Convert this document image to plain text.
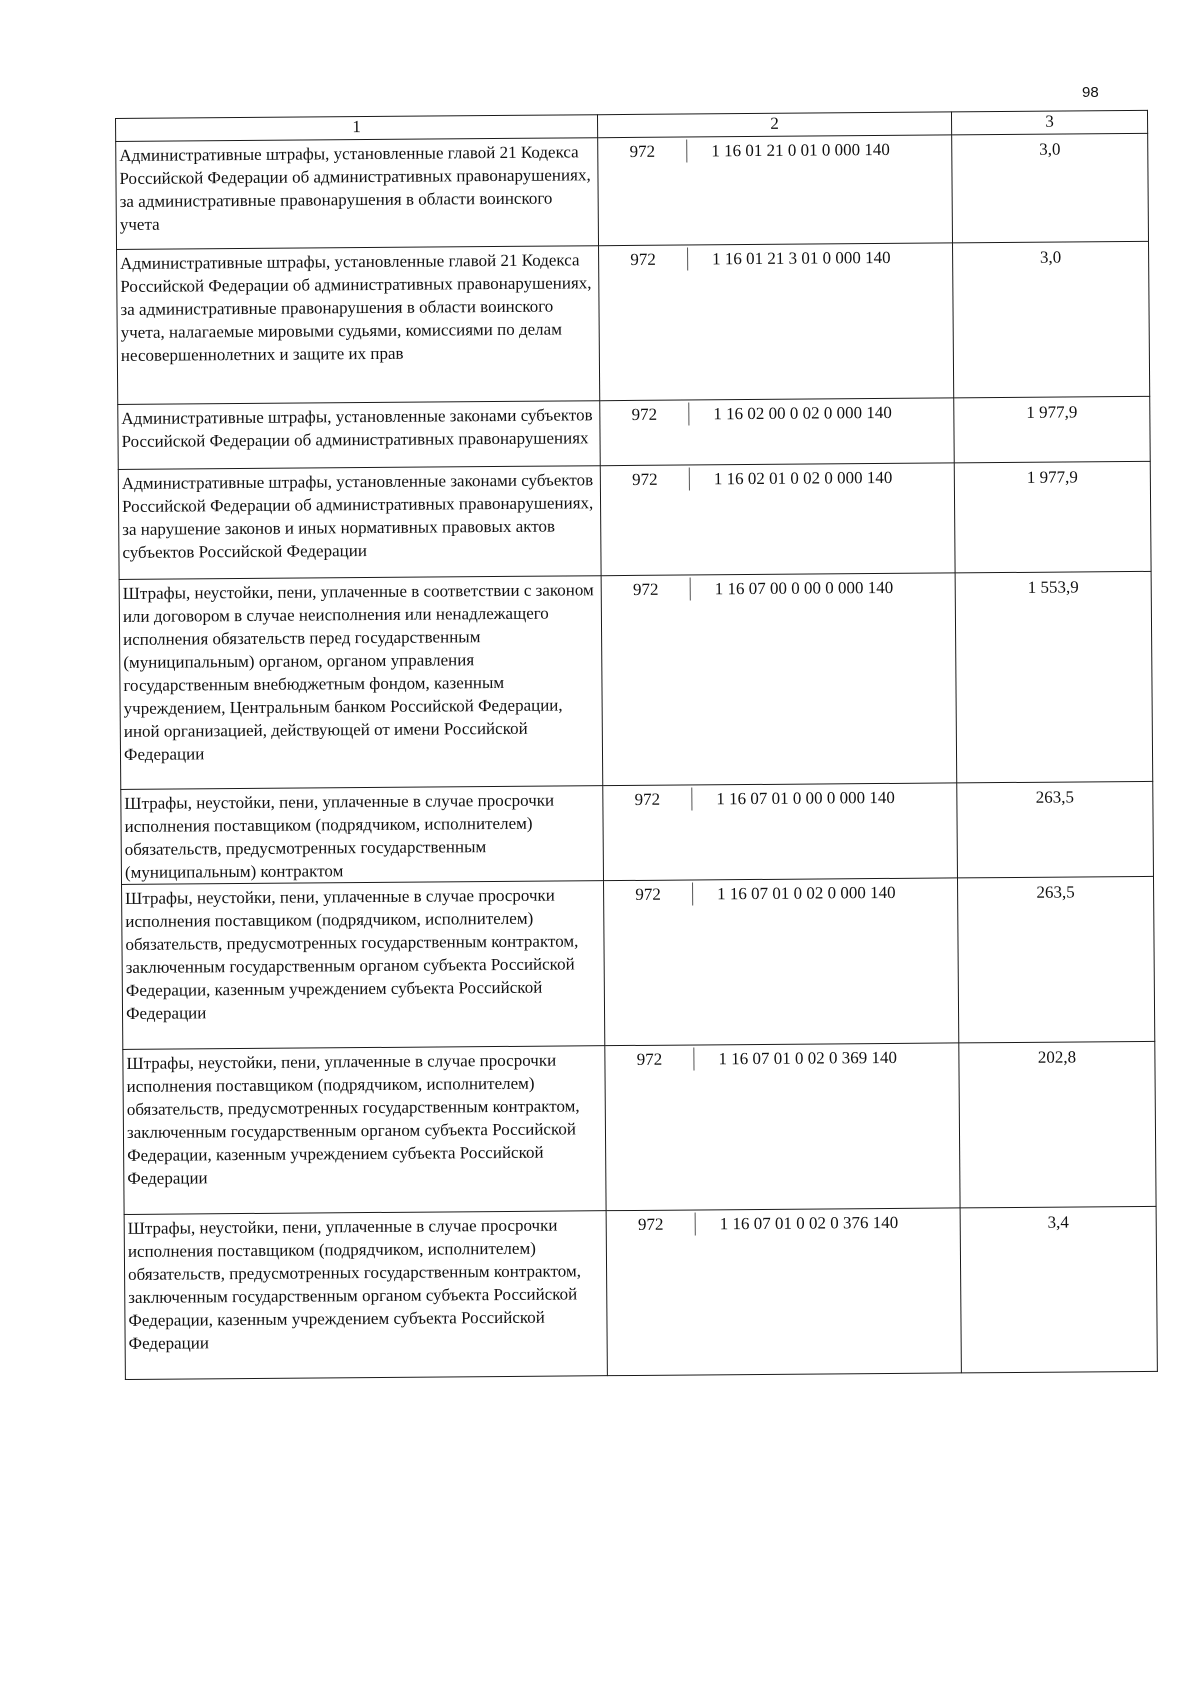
98
1	2	3
Административные штрафы, установленные главой 21 Кодекса Российской Федерации об административных правонарушениях, за административные правонарушения в области воинского учета	972 1 16 01 21 0 01 0 000 140	3,0
Административные штрафы, установленные главой 21 Кодекса Российской Федерации об административных правонарушениях, за административные правонарушения в области воинского учета, налагаемые мировыми судьями, комиссиями по делам несовершеннолетних и защите их прав	972 1 16 01 21 3 01 0 000 140	3,0
Административные штрафы, установленные законами субъектов Российской Федерации об административных правонарушениях	972 1 16 02 00 0 02 0 000 140	1 977,9
Административные штрафы, установленные законами субъектов Российской Федерации об административных правонарушениях, за нарушение законов и иных нормативных правовых актов субъектов Российской Федерации	972 1 16 02 01 0 02 0 000 140	1 977,9
Штрафы, неустойки, пени, уплаченные в соответствии с законом или договором в случае неисполнения или ненадлежащего исполнения обязательств перед государственным (муниципальным) органом, органом управления государственным внебюджетным фондом, казенным учреждением, Центральным банком Российской Федерации, иной организацией, действующей от имени Российской Федерации	972 1 16 07 00 0 00 0 000 140	1 553,9
Штрафы, неустойки, пени, уплаченные в случае просрочки исполнения поставщиком (подрядчиком, исполнителем) обязательств, предусмотренных государственным (муниципальным) контрактом	972 1 16 07 01 0 00 0 000 140	263,5
Штрафы, неустойки, пени, уплаченные в случае просрочки исполнения поставщиком (подрядчиком, исполнителем) обязательств, предусмотренных государственным контрактом, заключенным государственным органом субъекта Российской Федерации, казенным учреждением субъекта Российской Федерации	972 1 16 07 01 0 02 0 000 140	263,5
Штрафы, неустойки, пени, уплаченные в случае просрочки исполнения поставщиком (подрядчиком, исполнителем) обязательств, предусмотренных государственным контрактом, заключенным государственным органом субъекта Российской Федерации, казенным учреждением субъекта Российской Федерации	972 1 16 07 01 0 02 0 369 140	202,8
Штрафы, неустойки, пени, уплаченные в случае просрочки исполнения поставщиком (подрядчиком, исполнителем) обязательств, предусмотренных государственным контрактом, заключенным государственным органом субъекта Российской Федерации, казенным учреждением субъекта Российской Федерации	972 1 16 07 01 0 02 0 376 140	3,4
